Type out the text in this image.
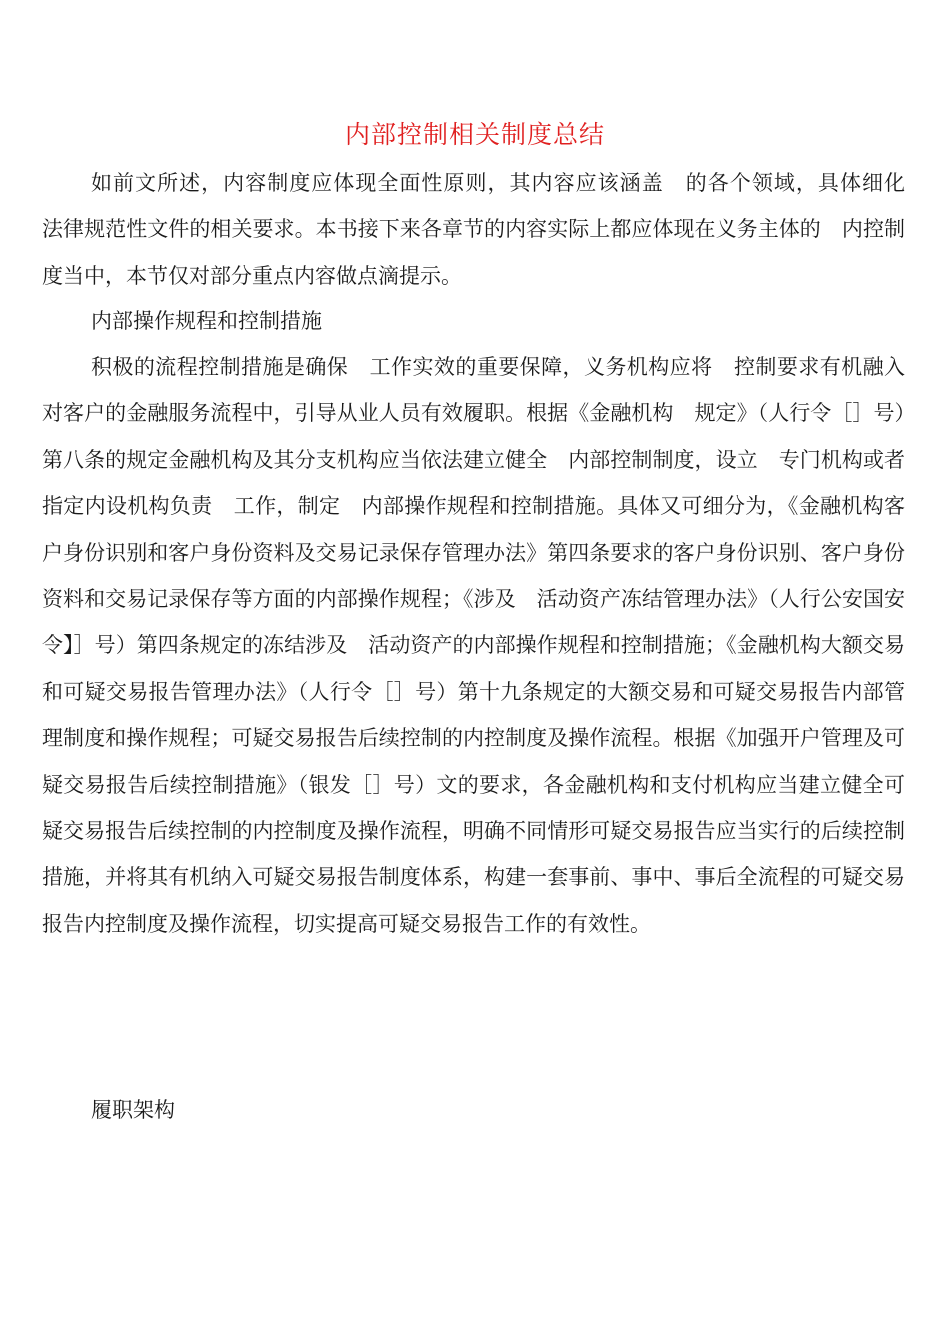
内部控制相关制度总结

如前文所述，内容制度应体现全面性原则，其内容应该涵盖　的各个领域，具体细化　法律规范性文件的相关要求。本书接下来各章节的内容实际上都应体现在义务主体的　内控制度当中，本节仅对部分重点内容做点滴提示。

内部操作规程和控制措施

积极的流程控制措施是确保　工作实效的重要保障，义务机构应将　控制要求有机融入对客户的金融服务流程中，引导从业人员有效履职。根据《金融机构　规定》（人行令［］号）第八条的规定金融机构及其分支机构应当依法建立健全　内部控制制度，设立　专门机构或者指定内设机构负责　工作，制定　内部操作规程和控制措施。具体又可细分为，《金融机构客户身份识别和客户身份资料及交易记录保存管理办法》第四条要求的客户身份识别、客户身份资料和交易记录保存等方面的内部操作规程；《涉及　活动资产冻结管理办法》（人行公安国安令】］号）第四条规定的冻结涉及　活动资产的内部操作规程和控制措施；《金融机构大额交易和可疑交易报告管理办法》（人行令［］号）第十九条规定的大额交易和可疑交易报告内部管理制度和操作规程；可疑交易报告后续控制的内控制度及操作流程。根据《加强开户管理及可疑交易报告后续控制措施》（银发［］号）文的要求，各金融机构和支付机构应当建立健全可疑交易报告后续控制的内控制度及操作流程，明确不同情形可疑交易报告应当实行的后续控制措施，并将其有机纳入可疑交易报告制度体系，构建一套事前、事中、事后全流程的可疑交易报告内控制度及操作流程，切实提高可疑交易报告工作的有效性。

履职架构
